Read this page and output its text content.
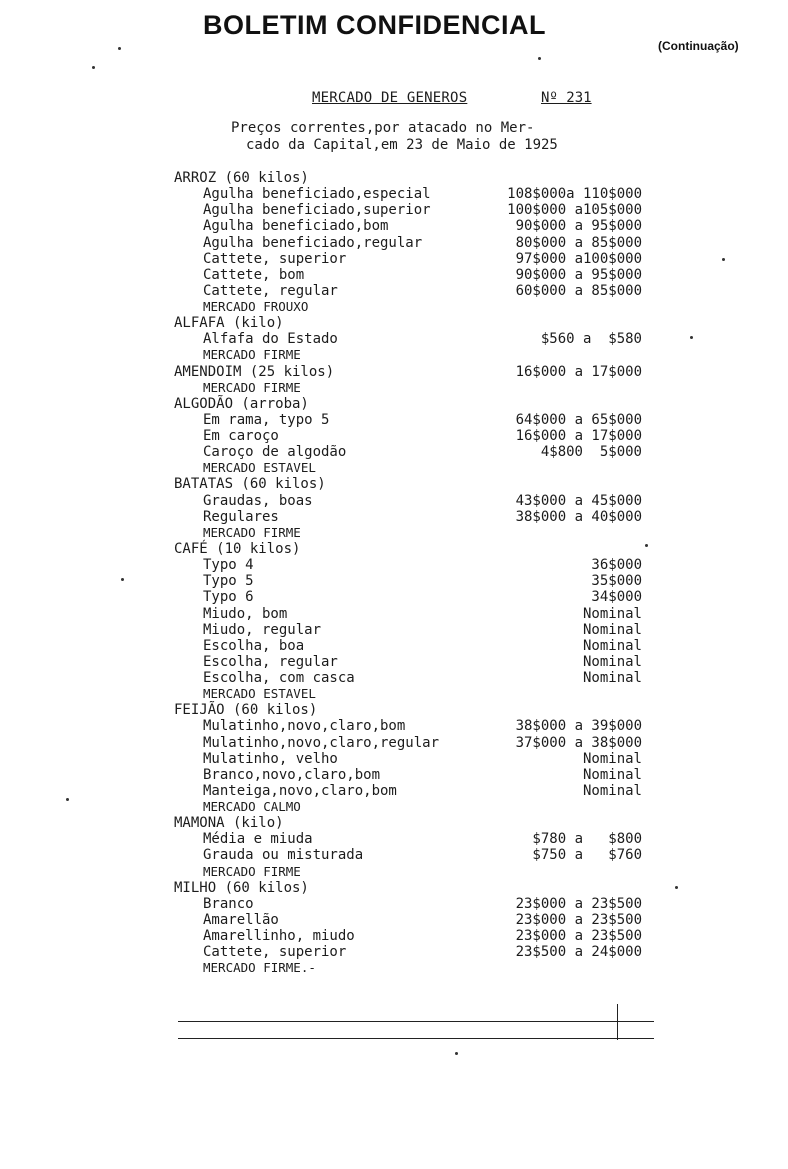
BOLETIM CONFIDENCIAL
(Continuação)
MERCADO DE GENEROS	Nº 231
Preços correntes,por atacado no Mer-
cado da Capital,em 23 de Maio de 1925
ARROZ (60 kilos)
Agulha beneficiado,especial	108$000a 110$000
Agulha beneficiado,superior	100$000 a105$000
Agulha beneficiado,bom	90$000 a 95$000
Agulha beneficiado,regular	80$000 a 85$000
Cattete, superior	97$000 a100$000
Cattete, bom	90$000 a 95$000
Cattete, regular	60$000 a 85$000
MERCADO FROUXO
ALFAFA (kilo)
Alfafa do Estado	$560 a  $580
MERCADO FIRME
AMENDOIM (25 kilos)	16$000 a 17$000
MERCADO FIRME
ALGODÃO (arroba)
Em rama, typo 5	64$000 a 65$000
Em caroço	16$000 a 17$000
Caroço de algodão	4$800  5$000
MERCADO ESTAVEL
BATATAS (60 kilos)
Graudas, boas	43$000 a 45$000
Regulares	38$000 a 40$000
MERCADO FIRME
CAFÉ (10 kilos)
Typo 4	36$000
Typo 5	35$000
Typo 6	34$000
Miudo, bom	Nominal
Miudo, regular	Nominal
Escolha, boa	Nominal
Escolha, regular	Nominal
Escolha, com casca	Nominal
MERCADO ESTAVEL
FEIJÃO (60 kilos)
Mulatinho,novo,claro,bom	38$000 a 39$000
Mulatinho,novo,claro,regular	37$000 a 38$000
Mulatinho, velho	Nominal
Branco,novo,claro,bom	Nominal
Manteiga,novo,claro,bom	Nominal
MERCADO CALMO
MAMONA (kilo)
Média e miuda	$780 a   $800
Grauda ou misturada	$750 a   $760
MERCADO FIRME
MILHO (60 kilos)
Branco	23$000 a 23$500
Amarellão	23$000 a 23$500
Amarellinho, miudo	23$000 a 23$500
Cattete, superior	23$500 a 24$000
MERCADO FIRME.-
